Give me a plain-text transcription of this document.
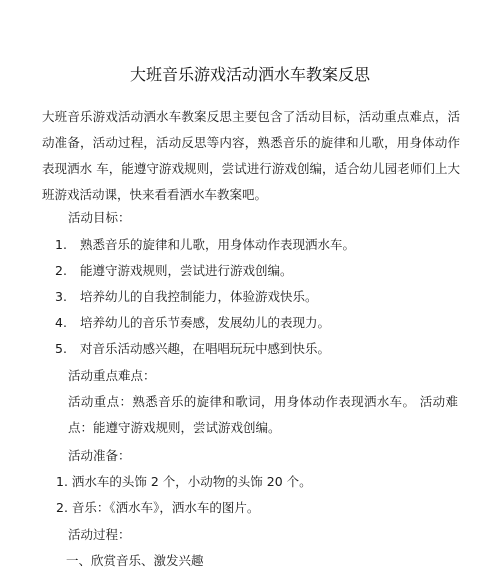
大班音乐游戏活动洒水车教案反思
大班音乐游戏活动洒水车教案反思主要包含了活动目标，活动重点难点，活动准备，活动过程，活动反思等内容，熟悉音乐的旋律和儿歌，用身体动作表现洒水 车，能遵守游戏规则，尝试进行游戏创编，适合幼儿园老师们上大班游戏活动课，快来看看洒水车教案吧。
活动目标：
1. 熟悉音乐的旋律和儿歌，用身体动作表现洒水车。
2. 能遵守游戏规则，尝试进行游戏创编。
3. 培养幼儿的自我控制能力，体验游戏快乐。
4. 培养幼儿的音乐节奏感，发展幼儿的表现力。
5. 对音乐活动感兴趣，在唱唱玩玩中感到快乐。
活动重点难点：
活动重点：熟悉音乐的旋律和歌词，用身体动作表现洒水车。 活动难点：能遵守游戏规则，尝试游戏创编。
活动准备：
1. 洒水车的头饰 2 个，小动物的头饰 20 个。
2. 音乐：《洒水车》，洒水车的图片。
活动过程：
一、欣赏音乐、激发兴趣
